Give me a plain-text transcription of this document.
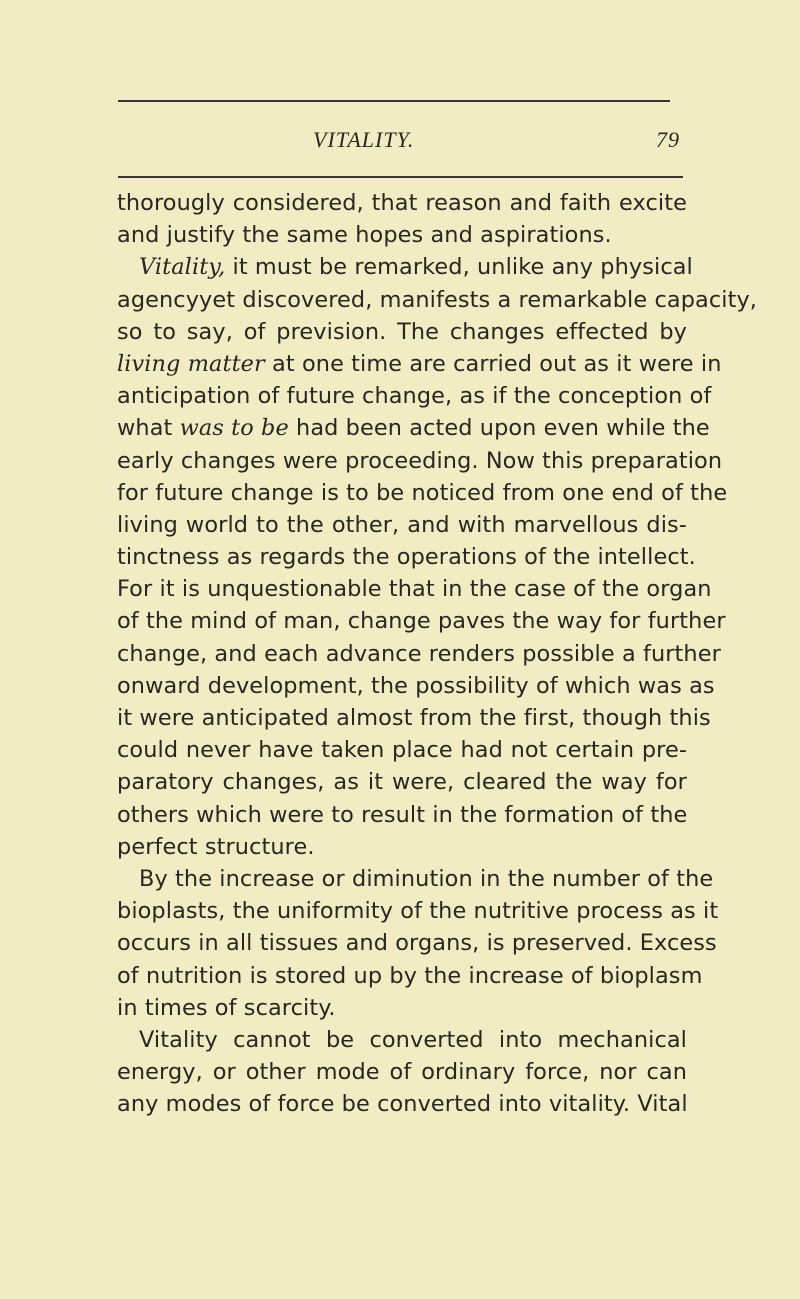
VITALITY.	79
thorougly considered, that reason and faith excite
and justify the same hopes and aspirations.
Vitality, it must be remarked, unlike any physical
agencyyet discovered, manifests a remarkable capacity,
so to say, of prevision. The changes effected by
living matter at one time are carried out as it were in
anticipation of future change, as if the conception of
what was to be had been acted upon even while the
early changes were proceeding. Now this preparation
for future change is to be noticed from one end of the
living world to the other, and with marvellous dis-
tinctness as regards the operations of the intellect.
For it is unquestionable that in the case of the organ
of the mind of man, change paves the way for further
change, and each advance renders possible a further
onward development, the possibility of which was as
it were anticipated almost from the first, though this
could never have taken place had not certain pre-
paratory changes, as it were, cleared the way for
others which were to result in the formation of the
perfect structure.
By the increase or diminution in the number of the
bioplasts, the uniformity of the nutritive process as it
occurs in all tissues and organs, is preserved. Excess
of nutrition is stored up by the increase of bioplasm
in times of scarcity.
Vitality cannot be converted into mechanical
energy, or other mode of ordinary force, nor can
any modes of force be converted into vitality. Vital
